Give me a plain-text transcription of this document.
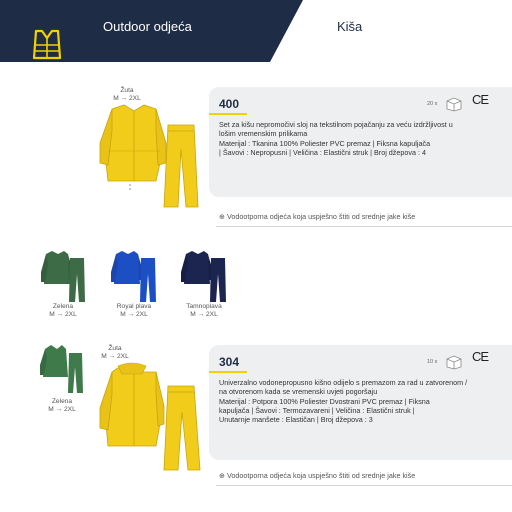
Outdoor odjeća	Kiša
Žuta
M → 2XL	400	20 x
Set za kišu nepromočivi sloj na tekstilnom pojačanju za veću izdržljivost u lošim vremenskim prilikama
Materijal : Tkanina 100% Poliester PVC premaz | Fiksna kapuljača
| Šavovi : Nepropusni | Veličina : Elastični struk | Broj džepova : 4
CE
⊕ Vodootporna odjeća koja uspješno štiti od srednje jake kiše
Zelena
M → 2XL
Royal plava
M → 2XL
Tamnoplava
M → 2XL
Zelena
M → 2XL
Žuta
M → 2XL	304	10 x
Univerzalno vodonepropusno kišno odijelo s premazom za rad u zatvorenom / na otvorenom kada se vremenski uvjeti pogoršaju
Materijal : Potpora 100% Poliester Dvostrani PVC premaz | Fiksna
kapuljača | Šavovi : Termozavareni | Veličina : Elastični struk |
Unutarnje manšete : Elastičan | Broj džepova : 3
CE
⊕ Vodootporna odjeća koja uspješno štiti od srednje jake kiše
